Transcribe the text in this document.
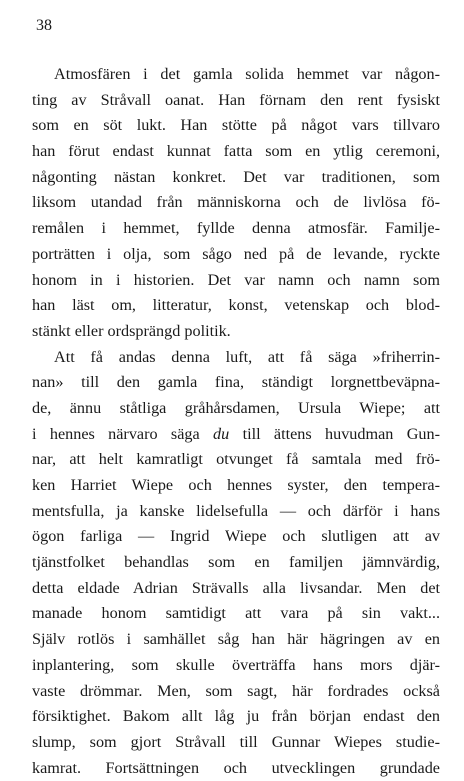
38
Atmosfären i det gamla solida hemmet var någon-
ting av Stråvall oanat. Han förnam den rent fysiskt
som en söt lukt. Han stötte på något vars tillvaro
han förut endast kunnat fatta som en ytlig ceremoni,
någonting nästan konkret. Det var traditionen, som
liksom utandad från människorna och de livlösa fö-
remålen i hemmet, fyllde denna atmosfär. Familje-
porträtten i olja, som sågo ned på de levande, ryckte
honom in i historien. Det var namn och namn som
han läst om, litteratur, konst, vetenskap och blod-
stänkt eller ordsprängd politik.
Att få andas denna luft, att få säga »friherrin-
nan» till den gamla fina, ständigt lorgnettbeväpna-
de, ännu ståtliga gråhårsdamen, Ursula Wiepe; att
i hennes närvaro säga du till ättens huvudman Gun-
nar, att helt kamratligt otvunget få samtala med frö-
ken Harriet Wiepe och hennes syster, den tempera-
mentsfulla, ja kanske lidelsefulla — och därför i hans
ögon farliga — Ingrid Wiepe och slutligen att av
tjänstfolket behandlas som en familjen jämnvärdig,
detta eldade Adrian Strävalls alla livsandar. Men det
manade honom samtidigt att vara på sin vakt...
Själv rotlös i samhället såg han här hägringen av en
inplantering, som skulle överträffa hans mors djär-
vaste drömmar. Men, som sagt, här fordrades också
försiktighet. Bakom allt låg ju från början endast den
slump, som gjort Stråvall till Gunnar Wiepes studie-
kamrat. Fortsättningen och utvecklingen grundade
